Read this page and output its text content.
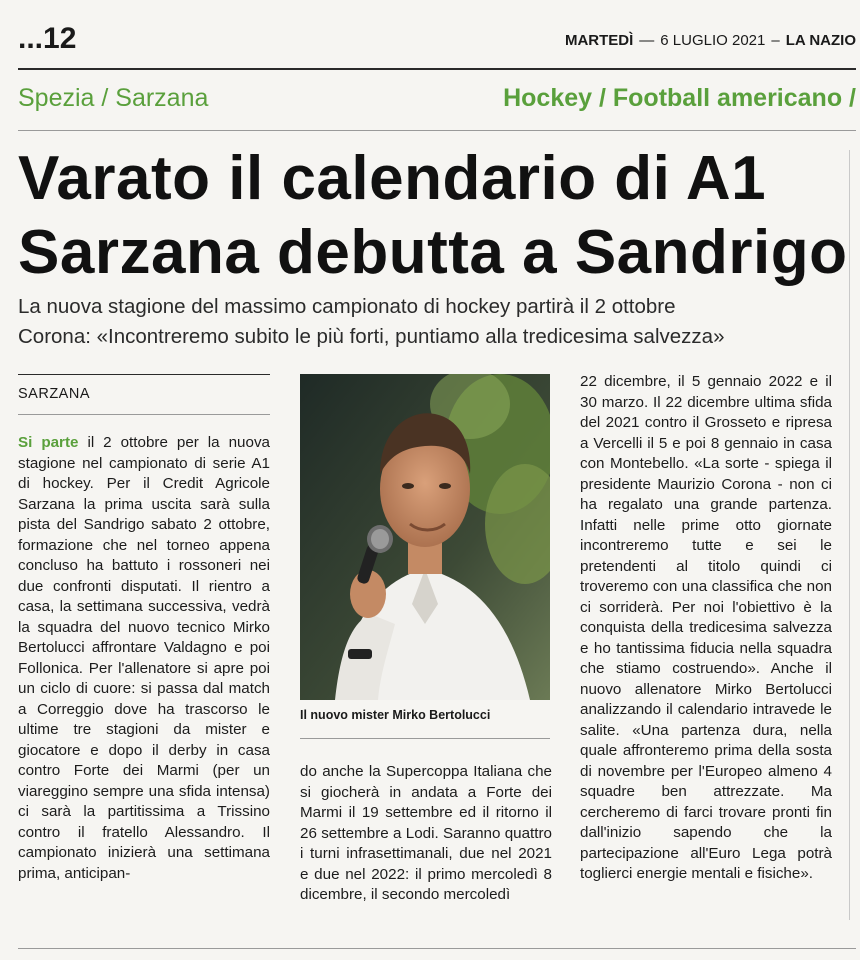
...12	MARTEDÌ — 6 LUGLIO 2021 – LA NAZIO
Spezia / Sarzana	Hockey / Football americano /
Varato il calendario di A1
Sarzana debutta a Sandrigo
La nuova stagione del massimo campionato di hockey partirà il 2 ottobre
Corona: «Incontreremo subito le più forti, puntiamo alla tredicesima salvezza»
SARZANA
Si parte il 2 ottobre per la nuova stagione nel campionato di serie A1 di hockey. Per il Credit Agricole Sarzana la prima uscita sarà sulla pista del Sandrigo sabato 2 ottobre, formazione che nel torneo appena concluso ha battuto i rossoneri nei due confronti disputati. Il rientro a casa, la settimana successiva, vedrà la squadra del nuovo tecnico Mirko Bertolucci affrontare Valdagno e poi Follonica. Per l'allenatore si apre poi un ciclo di cuore: si passa dal match a Correggio dove ha trascorso le ultime tre stagioni da mister e giocatore e dopo il derby in casa contro Forte dei Marmi (per un viareggino sempre una sfida intensa) ci sarà la partitissima a Trissino contro il fratello Alessandro. Il campionato inizierà una settimana prima, anticipan-
Il nuovo mister Mirko Bertolucci
do anche la Supercoppa Italiana che si giocherà in andata a Forte dei Marmi il 19 settembre ed il ritorno il 26 settembre a Lodi. Saranno quattro i turni infrasettimanali, due nel 2021 e due nel 2022: il primo mercoledì 8 dicembre, il secondo mercoledì
22 dicembre, il 5 gennaio 2022 e il 30 marzo. Il 22 dicembre ultima sfida del 2021 contro il Grosseto e ripresa a Vercelli il 5 e poi 8 gennaio in casa con Montebello. «La sorte - spiega il presidente Maurizio Corona - non ci ha regalato una grande partenza. Infatti nelle prime otto giornate incontreremo tutte e sei le pretendenti al titolo quindi ci troveremo con una classifica che non ci sorriderà. Per noi l'obiettivo è la conquista della tredicesima salvezza e ho tantissima fiducia nella squadra che stiamo costruendo». Anche il nuovo allenatore Mirko Bertolucci analizzando il calendario intravede le salite. «Una partenza dura, nella quale affronteremo prima della sosta di novembre per l'Europeo almeno 4 squadre ben attrezzate. Ma cercheremo di farci trovare pronti fin dall'inizio sapendo che la partecipazione all'Euro Lega potrà toglierci energie mentali e fisiche».
